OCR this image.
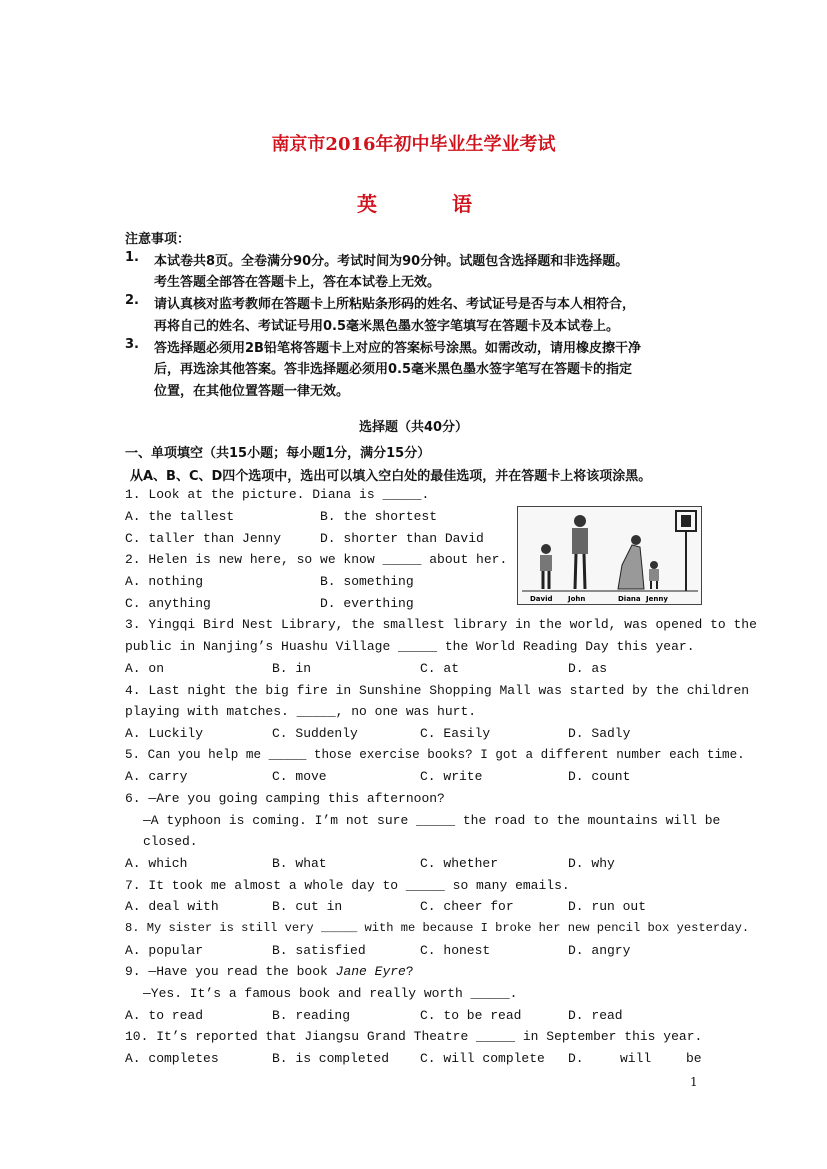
南京市2016年初中毕业生学业考试
英	语
注意事项：
1. 本试卷共8页。全卷满分90分。考试时间为90分钟。试题包含选择题和非选择题。
考生答题全部答在答题卡上，答在本试卷上无效。
2. 请认真核对监考教师在答题卡上所粘贴条形码的姓名、考试证号是否与本人相符合，
再将自己的姓名、考试证号用0.5毫米黑色墨水签字笔填写在答题卡及本试卷上。
3. 答选择题必须用2B铅笔将答题卡上对应的答案标号涂黑。如需改动，请用橡皮擦干净
后，再选涂其他答案。答非选择题必须用0.5毫米黑色墨水签字笔写在答题卡的指定
位置，在其他位置答题一律无效。
选择题（共40分）
一、单项填空（共15小题；每小题1分，满分15分）
从A、B、C、D四个选项中，选出可以填入空白处的最佳选项，并在答题卡上将该项涂黑。
David John	Diana Jenny
1. Look at the picture. Diana is _____.
A. the tallest	B. the shortest
C. taller than Jenny	D. shorter than David
2. Helen is new here, so we know _____ about her.
A. nothing	B. something
C. anything	D. everthing
3. Yingqi Bird Nest Library, the smallest library in the world, was opened to the
public in Nanjing’s Huashu Village _____ the World Reading Day this year.
A. on	B. in	C. at	D. as
4. Last night the big fire in Sunshine Shopping Mall was started by the children
playing with matches. _____, no one was hurt.
A. Luckily	C. Suddenly	C. Easily	D. Sadly
5. Can you help me _____ those exercise books? I got a different number each time.
A. carry	C. move	C. write	D. count
6. —Are you going camping this afternoon?
—A typhoon is coming. I’m not sure _____ the road to the mountains will be
closed.
A. which	B. what	C. whether	D. why
7. It took me almost a whole day to _____ so many emails.
A. deal with	B. cut in	C. cheer for	D. run out
8. My sister is still very _____ with me because I broke her new pencil box yesterday.
A. popular	B. satisfied	C. honest	D. angry
9. —Have you read the book Jane Eyre?
—Yes. It’s a famous book and really worth _____.
A. to read	B. reading	C. to be read	D. read
10. It’s reported that Jiangsu Grand Theatre _____ in September this year.
A. completes	B. is completed C. will complete D.	will	be
1
